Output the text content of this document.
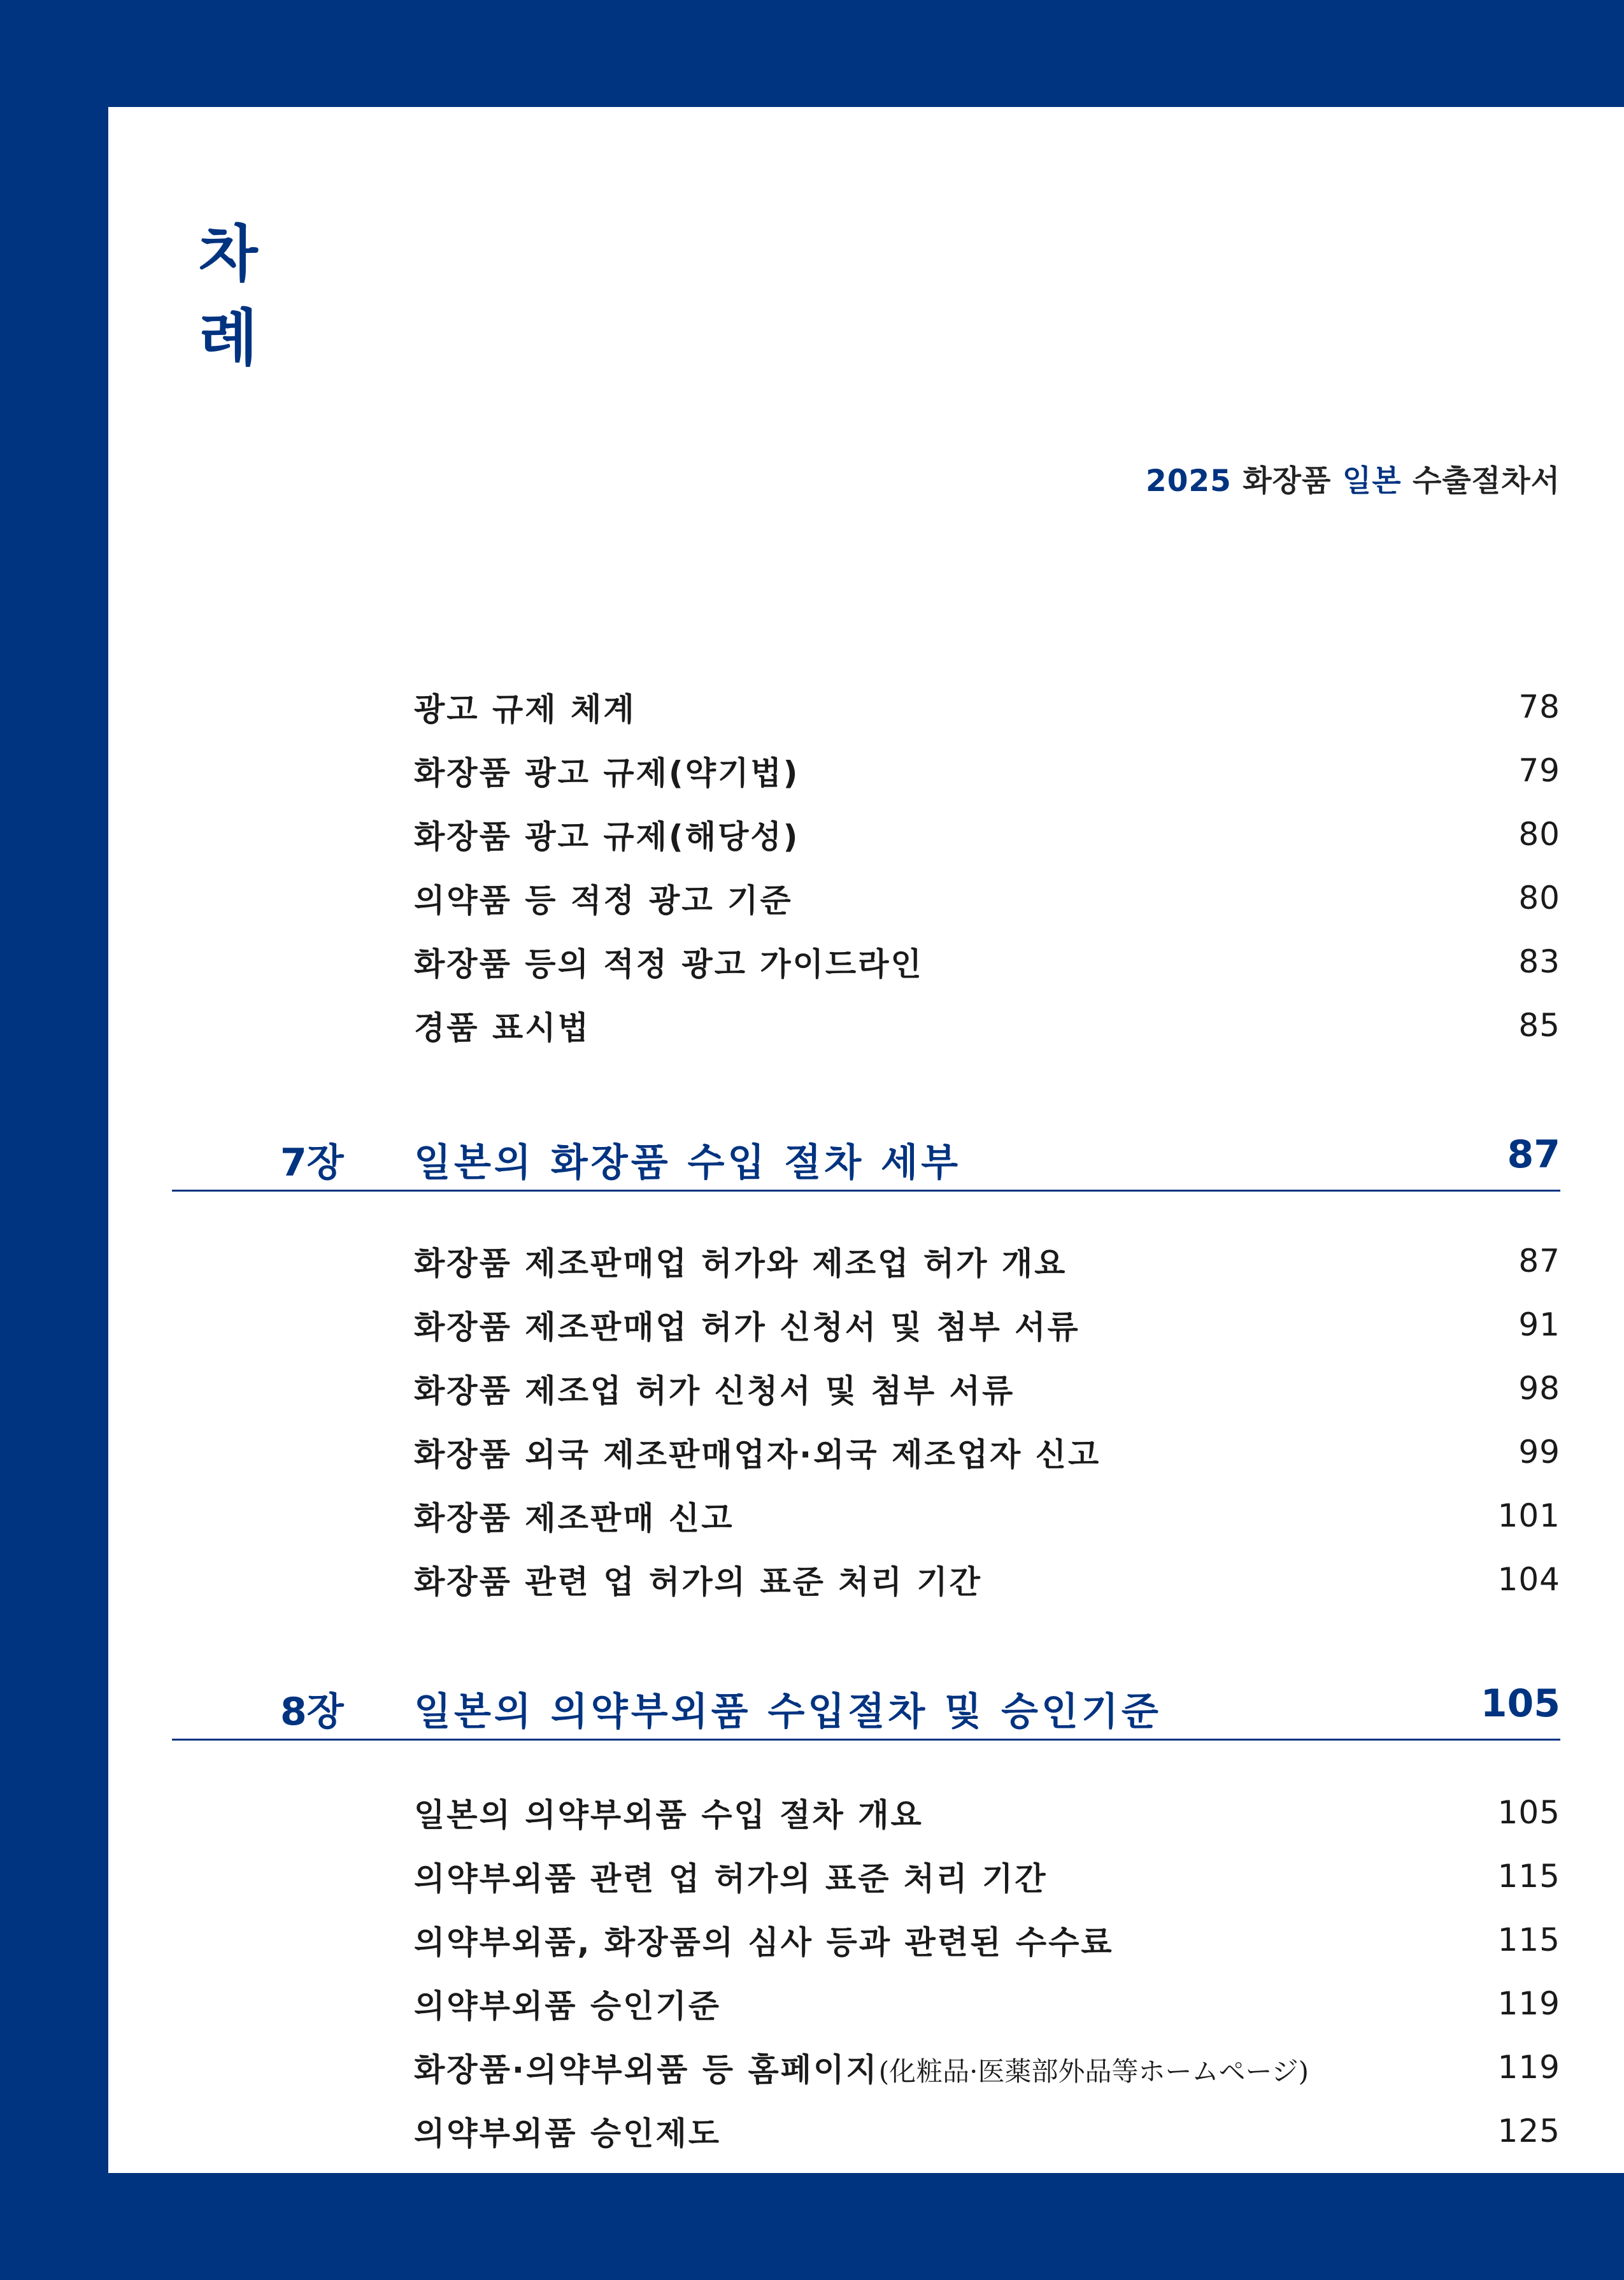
차
례
2025 화장품 일본 수출절차서
광고 규제 체계	78
화장품 광고 규제(약기법)	79
화장품 광고 규제(해당성)	80
의약품 등 적정 광고 기준	80
화장품 등의 적정 광고 가이드라인	83
경품 표시법	85
7장 일본의 화장품 수입 절차 세부	87
화장품 제조판매업 허가와 제조업 허가 개요	87
화장품 제조판매업 허가 신청서 및 첨부 서류	91
화장품 제조업 허가 신청서 및 첨부 서류	98
화장품 외국 제조판매업자·외국 제조업자 신고	99
화장품 제조판매 신고	101
화장품 관련 업 허가의 표준 처리 기간	104
8장 일본의 의약부외품 수입절차 및 승인기준	105
일본의 의약부외품 수입 절차 개요	105
의약부외품 관련 업 허가의 표준 처리 기간	115
의약부외품, 화장품의 심사 등과 관련된 수수료	115
의약부외품 승인기준	119
화장품·의약부외품 등 홈페이지(化粧品·医薬部外品等ホームページ)	119
의약부외품 승인제도	125
